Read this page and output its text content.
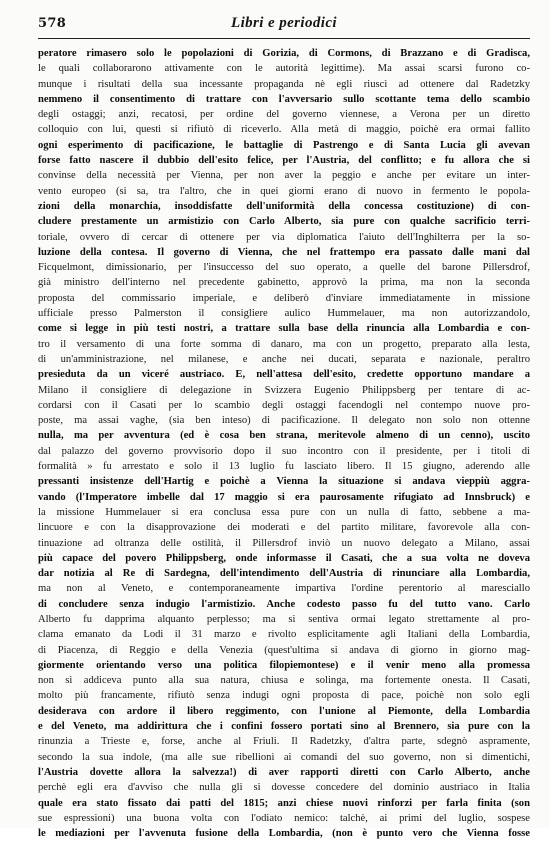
578	Libri e periodici
peratore rimasero solo le popolazioni di Gorizia, di Cormons, di Brazzano e di Gradisca,
le quali collaborarono attivamente con le autorità legittime). Ma assai scarsi furono co-
munque i risultati della sua incessante propaganda nè egli riuscì ad ottenere dal Radetzky
nemmeno il consentimento di trattare con l'avversario sullo scottante tema dello scambio
degli ostaggi; anzi, recatosi, per ordine del governo viennese, a Verona per un diretto
colloquio con lui, questi si rifiutò di riceverlo. Alla metà di maggio, poichè era ormai fallito
ogni esperimento di pacificazione, le battaglie di Pastrengo e di Santa Lucia gli avevan
forse fatto nascere il dubbio dell'esito felice, per l'Austria, del conflitto; e fu allora che si
convinse della necessità per Vienna, per non aver la peggio e anche per evitare un inter-
vento europeo (si sa, tra l'altro, che in quei giorni erano di nuovo in fermento le popola-
zioni della monarchia, insoddisfatte dell'uniformità della concessa costituzione) di con-
cludere prestamente un armistizio con Carlo Alberto, sia pure con qualche sacrificio terri-
toriale, ovvero di cercar di ottenere per via diplomatica l'aiuto dell'Inghilterra per la so-
luzione della contesa. Il governo di Vienna, che nel frattempo era passato dalle mani dal
Ficquelmont, dimissionario, per l'insuccesso del suo operato, a quelle del barone Pillersdrof,
già ministro dell'interno nel precedente gabinetto, approvò la prima, ma non la seconda
proposta del commissario imperiale, e deliberò d'inviare immediatamente in missione
ufficiale presso Palmerston il consigliere aulico Hummelauer, ma non autorizzandolo,
come si legge in più testi nostri, a trattare sulla base della rinuncia alla Lombardia e con-
tro il versamento di una forte somma di danaro, ma con un progetto, preparato alla lesta,
di un'amministrazione, nel milanese, e anche nei ducati, separata e nazionale, peraltro
presieduta da un viceré austriaco. E, nell'attesa dell'esito, credette opportuno mandare a
Milano il consigliere di delegazione in Svizzera Eugenio Philippsberg per tentare di ac-
cordarsi con il Casati per lo scambio degli ostaggi facendogli nel contempo nuove pro-
poste, ma assai vaghe, (sia ben inteso) di pacificazione. Il delegato non solo non ottenne
nulla, ma per avventura (ed è cosa ben strana, meritevole almeno di un cenno), uscito
dal palazzo del governo provvisorio dopo il suo incontro con il presidente, per i titoli di
formalità » fu arrestato e solo il 13 luglio fu lasciato libero. Il 15 giugno, aderendo alle
pressanti insistenze dell'Hartig e poichè a Vienna la situazione si andava vieppiù aggra-
vando (l'Imperatore imbelle dal 17 maggio si era paurosamente rifugiato ad Innsbruck) e
la missione Hummelauer si era conclusa essa pure con un nulla di fatto, sebbene a ma-
lincuore e con la disapprovazione dei moderati e del partito militare, favorevole alla con-
tinuazione ad oltranza delle ostilità, il Pillersdrof inviò un nuovo delegato a Milano, assai
più capace del povero Philippsberg, onde informasse il Casati, che a sua volta ne doveva
dar notizia al Re di Sardegna, dell'intendimento dell'Austria di rinunciare alla Lombardia,
ma non al Veneto, e contemporaneamente impartiva l'ordine perentorio al maresciallo
di concludere senza indugio l'armistizio. Anche codesto passo fu del tutto vano. Carlo
Alberto fu dapprima alquanto perplesso; ma si sentiva ormai legato strettamente al pro-
clama emanato da Lodi il 31 marzo e rivolto esplicitamente agli Italiani della Lombardia,
di Piacenza, di Reggio e della Venezia (quest'ultima si andava di giorno in giorno mag-
giormente orientando verso una politica filopiemontese) e il venir meno alla promessa
non si addiceva punto alla sua natura, chiusa e solinga, ma fortemente onesta. Il Casati,
molto più francamente, rifiutò senza indugi ogni proposta di pace, poichè non solo egli
desiderava con ardore il libero reggimento, con l'unione al Piemonte, della Lombardia
e del Veneto, ma addirittura che i confini fossero portati sino al Brennero, sia pure con la
rinunzia a Trieste e, forse, anche al Friuli. Il Radetzky, d'altra parte, sdegnò aspramente,
secondo la sua indole, (ma alle sue ribellioni ai comandi del suo governo, non si dimentichi,
l'Austria dovette allora la salvezza!) di aver rapporti diretti con Carlo Alberto, anche
perchè egli era d'avviso che nulla gli si dovesse concedere del dominio austriaco in Italia
quale era stato fissato dai patti del 1815; anzi chiese nuovi rinforzi per farla finita (son
sue espressioni) una buona volta con l'odiato nemico: talchè, ai primi del luglio, sospese
le mediazioni per l'avvenuta fusione della Lombardia, (non è punto vero che Vienna fosse
